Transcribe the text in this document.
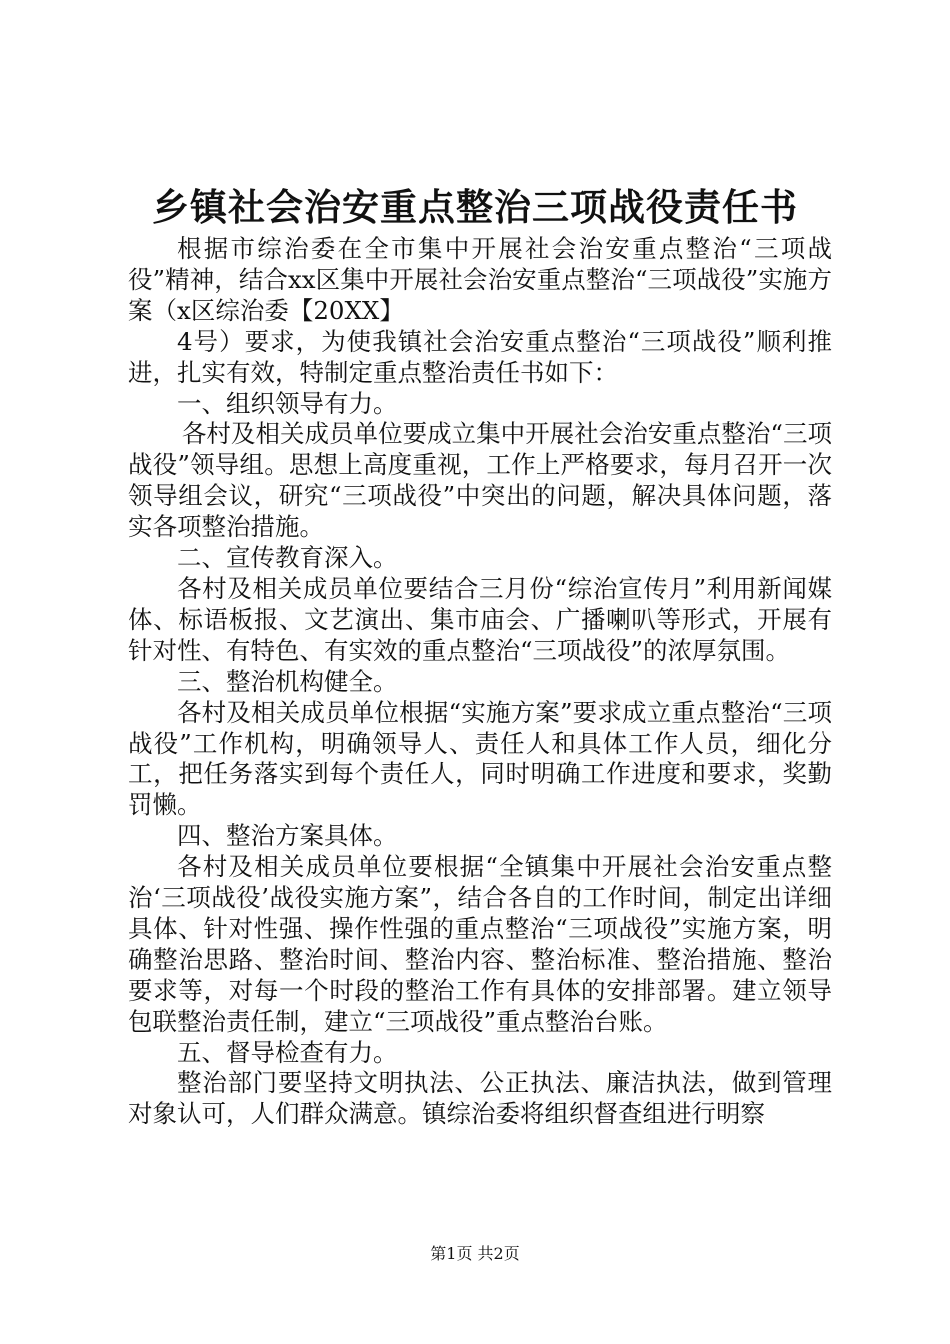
乡镇社会治安重点整治三项战役责任书

根据市综治委在全市集中开展社会治安重点整治“三项战役”精神，结合xx区集中开展社会治安重点整治“三项战役”实施方案（x区综治委【20XX】

4号）要求，为使我镇社会治安重点整治“三项战役”顺利推进，扎实有效，特制定重点整治责任书如下：

一、组织领导有力。

各村及相关成员单位要成立集中开展社会治安重点整治“三项战役”领导组。思想上高度重视，工作上严格要求，每月召开一次领导组会议，研究“三项战役”中突出的问题，解决具体问题，落实各项整治措施。

二、宣传教育深入。

各村及相关成员单位要结合三月份“综治宣传月”利用新闻媒体、标语板报、文艺演出、集市庙会、广播喇叭等形式，开展有针对性、有特色、有实效的重点整治“三项战役”的浓厚氛围。

三、整治机构健全。

各村及相关成员单位根据“实施方案”要求成立重点整治“三项战役”工作机构，明确领导人、责任人和具体工作人员，细化分工，把任务落实到每个责任人，同时明确工作进度和要求，奖勤罚懒。

四、整治方案具体。

各村及相关成员单位要根据“全镇集中开展社会治安重点整治‘三项战役’战役实施方案”，结合各自的工作时间，制定出详细具体、针对性强、操作性强的重点整治“三项战役”实施方案，明确整治思路、整治时间、整治内容、整治标准、整治措施、整治要求等，对每一个时段的整治工作有具体的安排部署。建立领导包联整治责任制，建立“三项战役”重点整治台账。

五、督导检查有力。

整治部门要坚持文明执法、公正执法、廉洁执法，做到管理对象认可，人们群众满意。镇综治委将组织督查组进行明察

第1页 共2页
